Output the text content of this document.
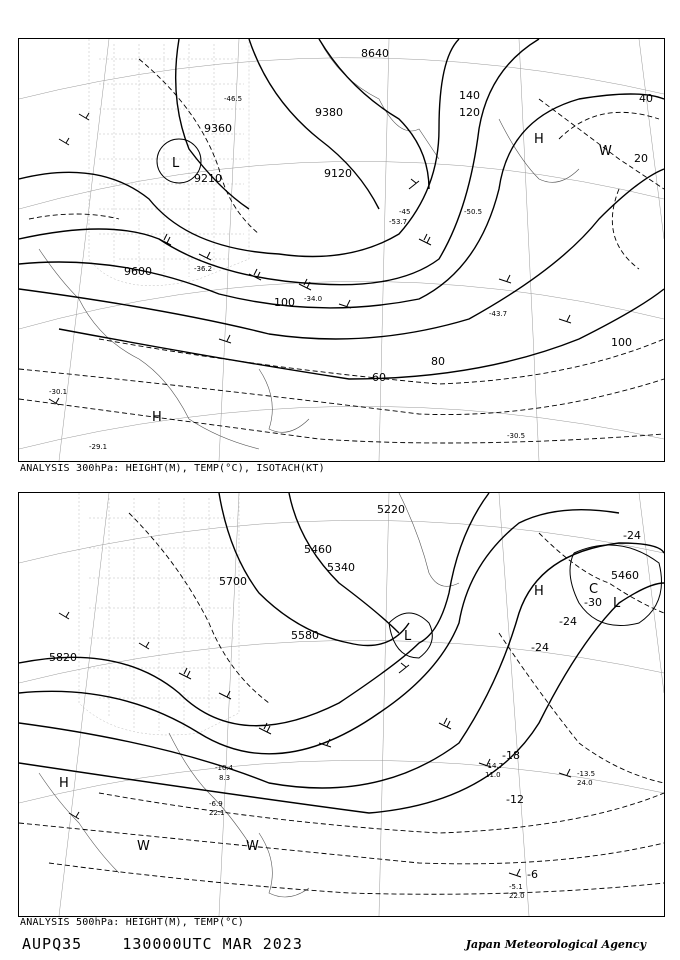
9360
9120
9600
8640
9380
9210
40
20
100
140
120
80
60
100
-46.5
-45
-53.7
-50.5
-43.7
-36.2
-34.0
-30.1
-29.1
-30.5
L
H
H
W
ANALYSIS 300hPa: HEIGHT(M), TEMP(°C), ISOTACH(KT)
5700
5460
5580
5820
5340
5220
5460
-30
-24
-24
-18
-12
-6
-24
-14.7
11.0	-13.5
24.0
-5.1
22.0
-10.4
8.3
-6.9
22.1
L
L
H
H
W
C
W
ANALYSIS 500hPa: HEIGHT(M), TEMP(°C)
AUPQ35	130000UTC MAR 2023	Japan Meteorological Agency
